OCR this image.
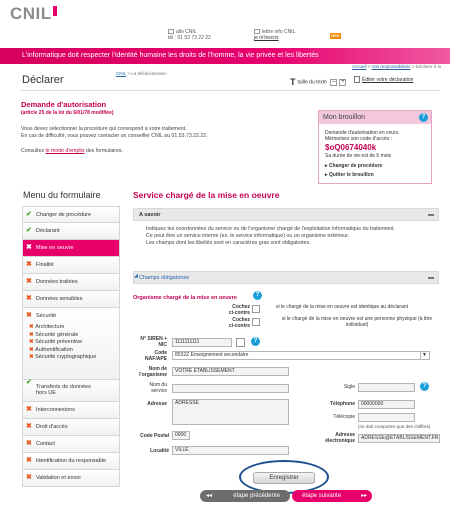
CNIL
allo CNIL
tél : 01 53 73 22 22
lettre info CNIL
je m'inscris	RSS
L'informatique doit respecter l'identité humaine les droits de l'homme, la vie privée et les libertés
Accueil > Vos responsabilités > Déclarer à la
Déclarer
CNIL > La télédéclaration
Ttaille du texte – +	Éditer votre déclaration
Demande d'autorisation
(article 25 de la loi du 6/01/78 modifiée)
Vous devez sélectionner la procédure qui correspond à votre traitement.
En cas de difficulté, vous pouvez contacter un conseiller CNIL au 01.53.73.22.22.
Consultez le mode d'emploi des formulaires.
Mon brouillon	?
Demande d'autorisation en cours.
Mémorisez son code d'accès :
$oQ0674040k
Sa durée de vie est de 6 mois
▸ Changer de procédure
▸ Quitter le brouillon
Menu du formulaire
✔ Changer de procédure
✔ Déclarant
✖ Mise en oeuvre
✖ Finalité
✖ Données traitées
✖ Données sensibles
✖ Sécurité
✖ Architecture
✖ Sécurité générale
✖ Sécurité préventive
✖ Authentification
✖ Sécurité cryptographique
✔
Transferts de données
hors UE
✖ Interconnexions
✖ Droit d'accès
✖ Contact
✖ Identification du responsable
✖ Validation et envoi
Service chargé de la mise en oeuvre
A savoir
Indiquez les coordonnées du service ou de l'organisme chargé de l'exploitation informatique du traitement.
Ce peut être un service interne (ex. le service informatique) ou un organisme extérieur.
Les champs dont les libellés sont en caractères gras sont obligatoires.
◢ Champs obligatoires
Organisme chargé de la mise en oeuvre	?
Cochez
ci-contre
si le chargé de la mise en oeuvre est identique au déclarant
Cochez
ci-contre
si le chargé de la mise en oeuvre est une personne physique (à titre individuel)
N° SIREN +
NIC	1111111111	?
Code
NAF/APE
8532Z Enseignement secondaire	▼
Nom de
l'organisme
VOTRE ETABLISSEMENT
Nom du
service
Sigle	?
Adresse	ADRESSE	Téléphone	00000000
Télécopie
(ne doit comporter que des chiffres)
Code Postal	0000	Adresse
électronique	ADRESSE@ETABLISSEMENT.FR
Localité	VILLE
Enregistrer
◂◂	étape précédente	étape suivante	▸▸
